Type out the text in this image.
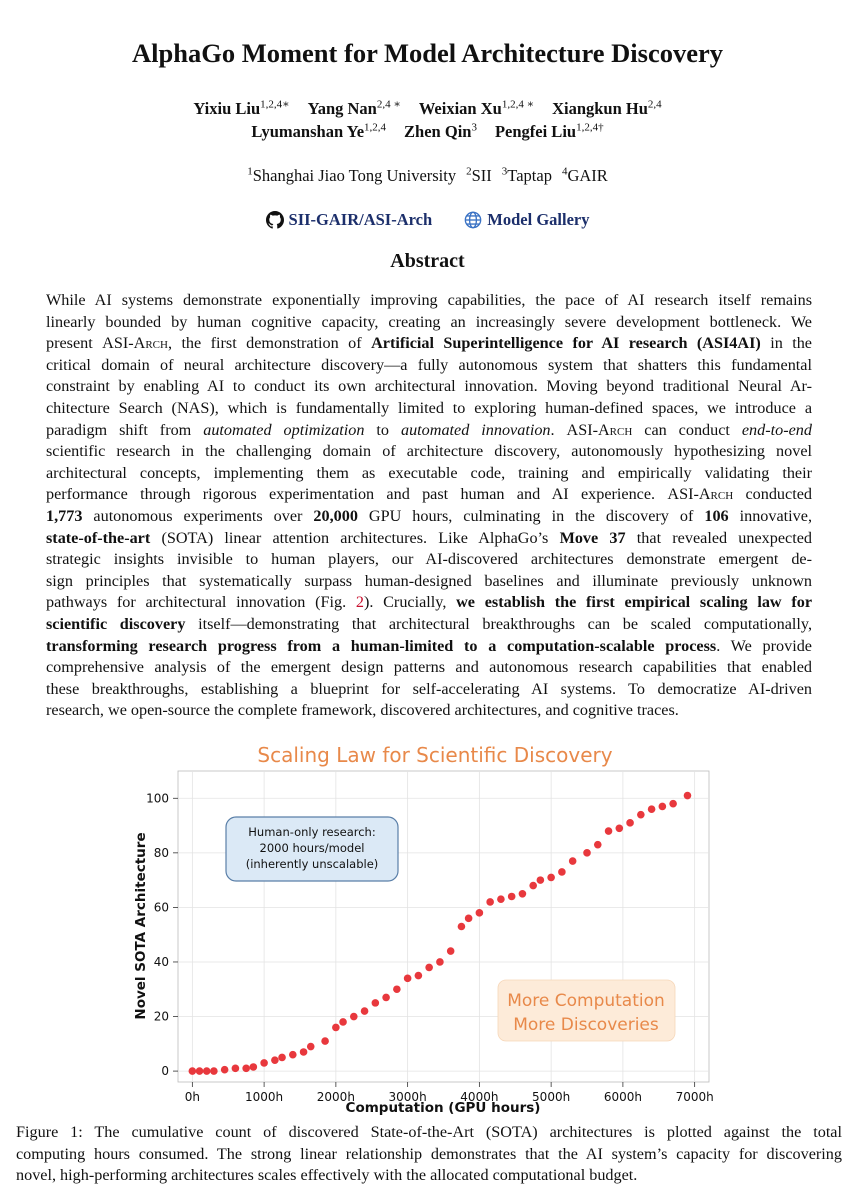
AlphaGo Moment for Model Architecture Discovery
Yixiu Liu$^{1,2,4∗}$ Yang Nan$^{2,4 ∗}$ Weixian $Xu^{1,2,4 ∗}$ Xiangkun Hu$^{2,4}$
Lyumanshan Ye$^{1,2,4}$ Zhen Qin$^3$ Pengfei Liu$^{1,2,4\dagger}$
$^1$Shanghai Jiao Tong University $^2$SII $^3$Taptap $^4$GAIR
SII-GAIR/ASI-Arch
	Model Gallery
Abstract
While AI systems demonstrate exponentially improving capabilities, the pace of AI research itself remains
linearly bounded by human cognitive capacity, creating an increasingly severe development bottleneck. We
present ASI-Arch, the first demonstration of Artificial Superintelligence for AI research (ASI4AI) in the
critical domain of neural architecture discovery—a fully autonomous system that shatters this fundamental
constraint by enabling AI to conduct its own architectural innovation. Moving beyond traditional Neural Ar-
chitecture Search (NAS), which is fundamentally limited to exploring human-defined spaces, we introduce a
paradigm shift from automated optimization to automated innovation. ASI-Arch can conduct end-to-end
scientific research in the challenging domain of architecture discovery, autonomously hypothesizing novel
architectural concepts, implementing them as executable code, training and empirically validating their
performance through rigorous experimentation and past human and AI experience. ASI-Arch conducted
1,773 autonomous experiments over 20,000 GPU hours, culminating in the discovery of 106 innovative,
state-of-the-art (SOTA) linear attention architectures. Like AlphaGo’s Move 37 that revealed unexpected
strategic insights invisible to human players, our AI-discovered architectures demonstrate emergent de-
sign principles that systematically surpass human-designed baselines and illuminate previously unknown
pathways for architectural innovation (Fig. 2). Crucially, we establish the first empirical scaling law for
scientific discovery itself—demonstrating that architectural breakthroughs can be scaled computationally,
transforming research progress from a human-limited to a computation-scalable process. We provide
comprehensive analysis of the emergent design patterns and autonomous research capabilities that enabled
these breakthroughs, establishing a blueprint for self-accelerating AI systems. To democratize AI-driven
research, we open-source the complete framework, discovered architectures, and cognitive traces.
Scaling Law for Scientific Discovery
0h	1000h	2000h	3000h	4000h	5000h	6000h	7000h
0
20
40
60
80
100
Human-only research:
2000 hours/model
(inherently unscalable)
More Computation
More Discoveries
Computation (GPU hours)
Novel SOTA Architecture
Figure 1: The cumulative count of discovered State-of-the-Art (SOTA) architectures is plotted against the total
computing hours consumed. The strong linear relationship demonstrates that the AI system’s capacity for discovering
novel, high-performing architectures scales effectively with the allocated computational budget.
